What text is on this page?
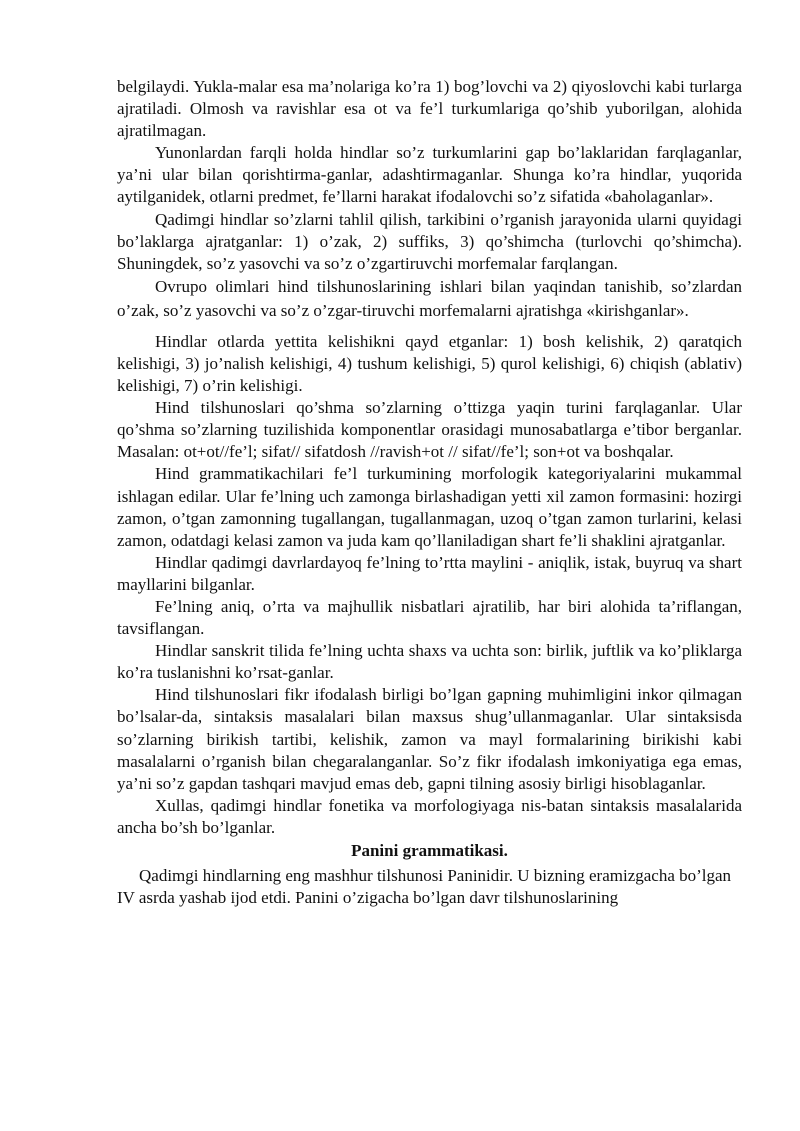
belgilaydi. Yukla-malar esa ma’nolariga ko’ra 1) bog’lovchi va 2) qiyoslovchi kabi turlarga ajratiladi. Olmosh va ravishlar esa ot va fe’l turkumlariga qo’shib yuborilgan, alohida ajratilmagan.

Yunonlardan farqli holda hindlar so’z turkumlarini gap bo’laklaridan farqlaganlar, ya’ni ular bilan qorishtirma-ganlar, adashtirmaganlar. Shunga ko’ra hindlar, yuqorida aytilganidek, otlarni predmet, fe’llarni harakat ifodalovchi so’z sifatida «baholaganlar».

Qadimgi hindlar so’zlarni tahlil qilish, tarkibini o’rganish jarayonida ularni quyidagi bo’laklarga ajratganlar: 1) o’zak, 2) suffiks, 3) qo’shimcha (turlovchi qo’shimcha). Shuningdek, so’z yasovchi va so’z o’zgartiruvchi morfemalar farqlangan.

Ovrupo olimlari hind tilshunoslarining ishlari bilan yaqindan tanishib, so’zlardan o’zak, so’z yasovchi va so’z o’zgar-tiruvchi morfemalarni ajratishga «kirishganlar».

Hindlar otlarda yettita kelishikni qayd etganlar: 1) bosh kelishik, 2) qaratqich kelishigi, 3) jo’nalish kelishigi, 4) tushum kelishigi, 5) qurol kelishigi, 6) chiqish (ablativ) kelishigi, 7) o’rin kelishigi.

Hind tilshunoslari qo’shma so’zlarning o’ttizga yaqin turini farqlaganlar. Ular qo’shma so’zlarning tuzilishida komponentlar orasidagi munosabatlarga e’tibor berganlar. Masalan: ot+ot//fe’l; sifat// sifatdosh //ravish+ot // sifat//fe’l; son+ot va boshqalar.

Hind grammatikachilari fe’l turkumining morfologik kategoriyalarini mukammal ishlagan edilar. Ular fe’lning uch zamonga birlashadigan yetti xil zamon formasini: hozirgi zamon, o’tgan zamonning tugallangan, tugallanmagan, uzoq o’tgan zamon turlarini, kelasi zamon, odatdagi kelasi zamon va juda kam qo’llaniladigan shart fe’li shaklini ajratganlar.

Hindlar qadimgi davrlardayoq fe’lning to’rtta maylini - aniqlik, istak, buyruq va shart mayllarini bilganlar.

Fe’lning aniq, o’rta va majhullik nisbatlari ajratilib, har biri alohida ta’riflangan, tavsiflangan.

Hindlar sanskrit tilida fe’lning uchta shaxs va uchta son: birlik, juftlik va ko’pliklarga ko’ra tuslanishni ko’rsat-ganlar.

Hind tilshunoslari fikr ifodalash birligi bo’lgan gapning muhimligini inkor qilmagan bo’lsalar-da, sintaksis masalalari bilan maxsus shug’ullanmaganlar. Ular sintaksisda so’zlarning birikish tartibi, kelishik, zamon va mayl formalarining birikishi kabi masalalarni o’rganish bilan chegaralanganlar. So’z fikr ifodalash imkoniyatiga ega emas, ya’ni so’z gapdan tashqari mavjud emas deb, gapni tilning asosiy birligi hisoblaganlar.

Xullas, qadimgi hindlar fonetika va morfologiyaga nis-batan sintaksis masalalarida ancha bo’sh bo’lganlar.

Panini grammatikasi.

Qadimgi hindlarning eng mashhur tilshunosi Paninidir. U bizning eramizgacha bo’lgan IV asrda yashab ijod etdi. Panini o’zigacha bo’lgan davr tilshunoslarining
